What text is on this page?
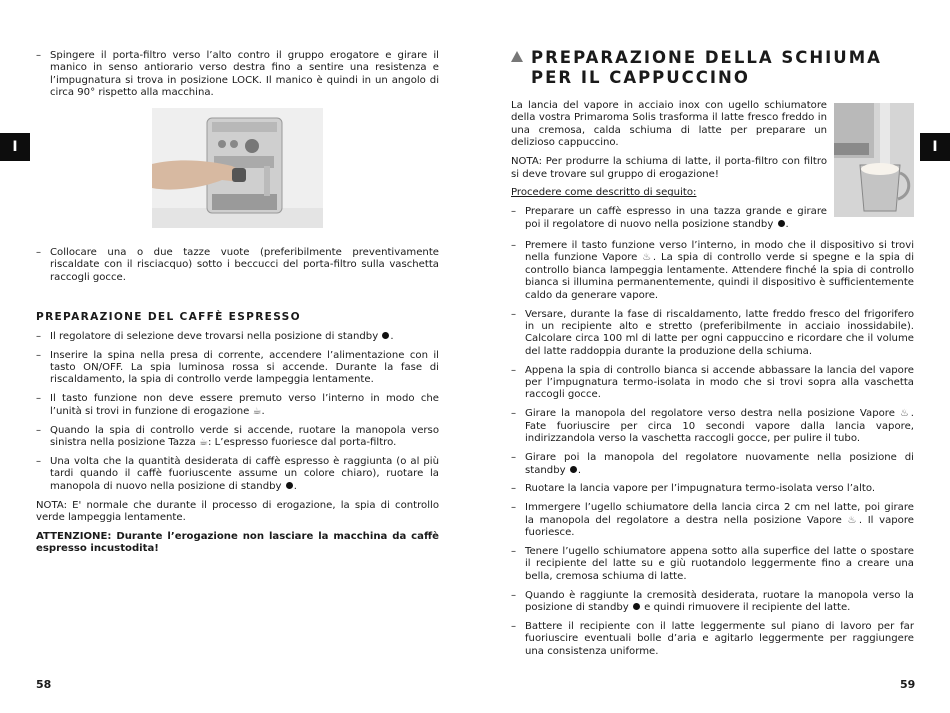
I	I
– Spingere il porta-filtro verso l’alto contro il gruppo erogatore e girare il manico in senso antiorario verso destra fino a sentire una resistenza e l’impugnatura si trova in posizione LOCK. Il manico è quindi in un angolo di circa 90° rispetto alla macchina.
– Collocare una o due tazze vuote (preferibilmente preventivamente riscaldate con il risciacquo) sotto i beccucci del porta-filtro sulla vaschetta raccogli gocce.
PREPARAZIONE DEL CAFFÈ ESPRESSO
– Il regolatore di selezione deve trovarsi nella posizione di standby .
– Inserire la spina nella presa di corrente, accendere l’alimentazione con il tasto ON/OFF. La spia luminosa rossa si accende. Durante la fase di riscaldamento, la spia di controllo verde lampeggia lentamente.
– Il tasto funzione non deve essere premuto verso l’interno in modo che l’unità si trovi in funzione di erogazione ☕.
– Quando la spia di controllo verde si accende, ruotare la manopola verso sinistra nella posizione Tazza ☕: L’espresso fuoriesce dal porta-filtro.
– Una volta che la quantità desiderata di caffè espresso è raggiunta (o al più tardi quando il caffè fuoriuscente assume un colore chiaro), ruotare la manopola di nuovo nella posizione di standby .

NOTA: E' normale che durante il processo di erogazione, la spia di controllo verde lampeggia lentamente.

ATTENZIONE: Durante l’erogazione non lasciare la macchina da caffè espresso incustodita!

58
PREPARAZIONE DELLA SCHIUMA
PER IL CAPPUCCINO

La lancia del vapore in acciaio inox con ugello schiumatore della vostra Primaroma Solis trasforma il latte fresco freddo in una cremosa, calda schiuma di latte per preparare un delizioso cappuccino.

NOTA: Per produrre la schiuma di latte, il porta-filtro con filtro si deve trovare sul gruppo di erogazione!

Procedere come descritto di seguito:

– Preparare un caffè espresso in una tazza grande e girare poi il regolatore di nuovo nella posizione standby .
– Premere il tasto funzione verso l’interno, in modo che il dispositivo si trovi nella funzione Vapore ♨. La spia di controllo verde si spegne e la spia di controllo bianca lampeggia lentamente. Attendere finché la spia di controllo bianca si illumina permanentemente, quindi il dispositivo è sufficientemente caldo da generare vapore.
– Versare, durante la fase di riscaldamento, latte freddo fresco del frigorifero in un recipiente alto e stretto (preferibilmente in acciaio inossidabile). Calcolare circa 100 ml di latte per ogni cappuccino e ricordare che il volume del latte raddoppia durante la produzione della schiuma.
– Appena la spia di controllo bianca si accende abbassare la lancia del vapore per l’impugnatura termo-isolata in modo che si trovi sopra alla vaschetta raccogli gocce.
– Girare la manopola del regolatore verso destra nella posizione Vapore ♨. Fate fuoriuscire per circa 10 secondi vapore dalla lancia vapore, indirizzandola verso la vaschetta raccogli gocce, per pulire il tubo.
– Girare poi la manopola del regolatore nuovamente nella posizione di standby .
– Ruotare la lancia vapore per l’impugnatura termo-isolata verso l’alto.
– Immergere l’ugello schiumatore della lancia circa 2 cm nel latte, poi girare la manopola del regolatore a destra nella posizione Vapore ♨. Il vapore fuoriesce.
– Tenere l’ugello schiumatore appena sotto alla superfice del latte o spostare il recipiente del latte su e giù ruotandolo leggermente fino a creare una bella, cremosa schiuma di latte.
– Quando è raggiunte la cremosità desiderata, ruotare la manopola verso la posizione di standby  e quindi rimuovere il recipiente del latte.
– Battere il recipiente con il latte leggermente sul piano di lavoro per far fuoriuscire eventuali bolle d’aria e agitarlo leggermente per raggiungere una consistenza uniforme.
59
